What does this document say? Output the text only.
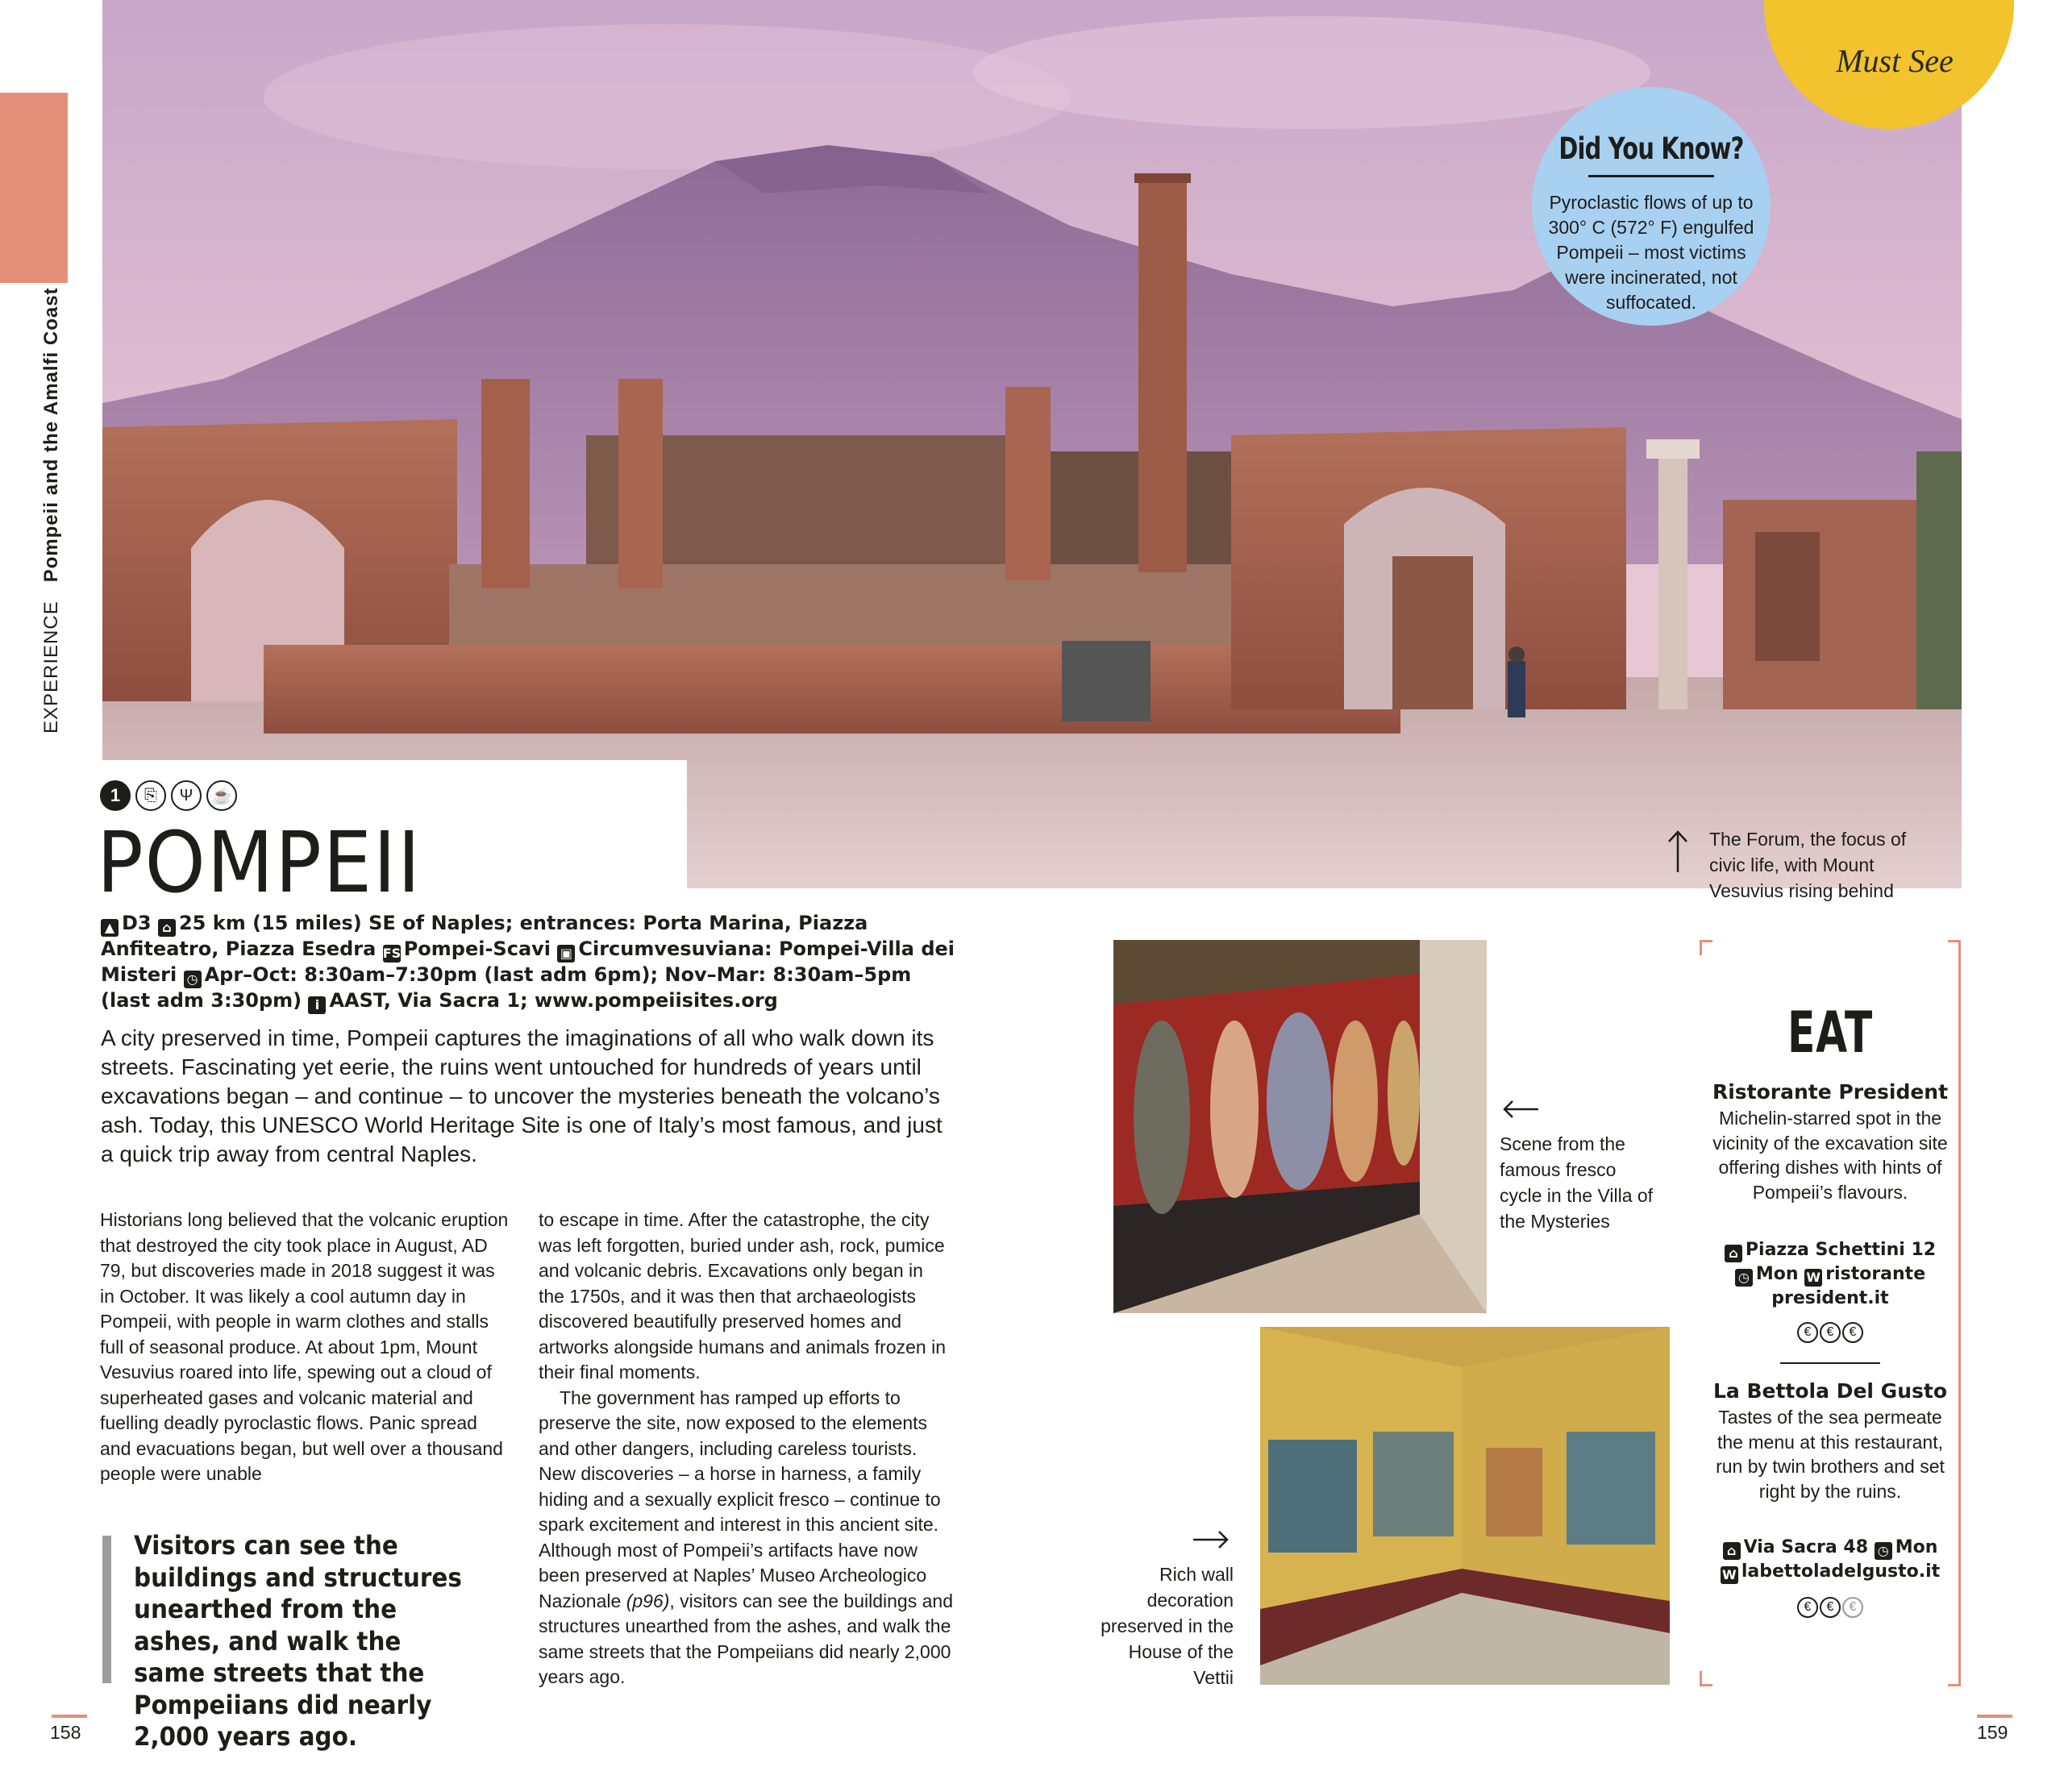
EXPERIENCE   Pompeii and the Amalfi Coast
Must See
Did You Know?
Pyroclastic flows of up to 300° C (572° F) engulfed Pompeii – most victims were incinerated, not suffocated.
The Forum, the focus of civic life, with Mount Vesuvius rising behind
1	⎘	Ψ	☕
POMPEII
▲ D3 ⌂ 25 km (15 miles) SE of Naples; entrances: Porta Marina, Piazza Anfiteatro, Piazza Esedra FS Pompei-Scavi ▣ Circumvesuviana: Pompei-Villa dei Misteri ◷ Apr–Oct: 8:30am–7:30pm (last adm 6pm); Nov–Mar: 8:30am–5pm (last adm 3:30pm) i AAST, Via Sacra 1; www.pompeiisites.org
A city preserved in time, Pompeii captures the imaginations of all who walk down its streets. Fascinating yet eerie, the ruins went untouched for hundreds of years until excavations began – and continue – to uncover the mysteries beneath the volcano’s ash. Today, this UNESCO World Heritage Site is one of Italy’s most famous, and just a quick trip away from central Naples.
Historians long believed that the volcanic eruption that destroyed the city took place in August, AD 79, but discoveries made in 2018 suggest it was in October. It was likely a cool autumn day in Pompeii, with people in warm clothes and stalls full of seasonal produce. At about 1pm, Mount Vesuvius roared into life, spewing out a cloud of superheated gases and volcanic material and fuelling deadly pyroclastic flows. Panic spread and evacuations began, but well over a thousand people were unable

to escape in time. After the catastrophe, the city was left forgotten, buried under ash, rock, pumice and volcanic debris. Excavations only began in the 1750s, and it was then that archaeologists discovered beautifully preserved homes and artworks alongside humans and animals frozen in their final moments.

The government has ramped up efforts to preserve the site, now exposed to the elements and other dangers, including careless tourists. New discoveries – a horse in harness, a family hiding and a sexually explicit fresco – continue to spark excitement and interest in this ancient site. Although most of Pompeii’s artifacts have now been preserved at Naples’ Museo Archeologico Nazionale (p96), visitors can see the buildings and structures unearthed from the ashes, and walk the same streets that the Pompeiians did nearly 2,000 years ago.

Visitors can see the buildings and structures unearthed from the ashes, and walk the same streets that the Pompeiians did nearly 2,000 years ago.
Scene from the famous fresco cycle in the Villa of the Mysteries
Rich wall decoration preserved in the House of the Vettii
EAT
Ristorante President
Michelin-starred spot in the vicinity of the excavation site offering dishes with hints of Pompeii’s flavours.
⌂ Piazza Schettini 12
◷ Mon W ristorante president.it
€ € €
La Bettola Del Gusto
Tastes of the sea permeate the menu at this restaurant, run by twin brothers and set right by the ruins.
⌂ Via Sacra 48 ◷ Mon
W labettoladelgusto.it
€ € €
158	159
